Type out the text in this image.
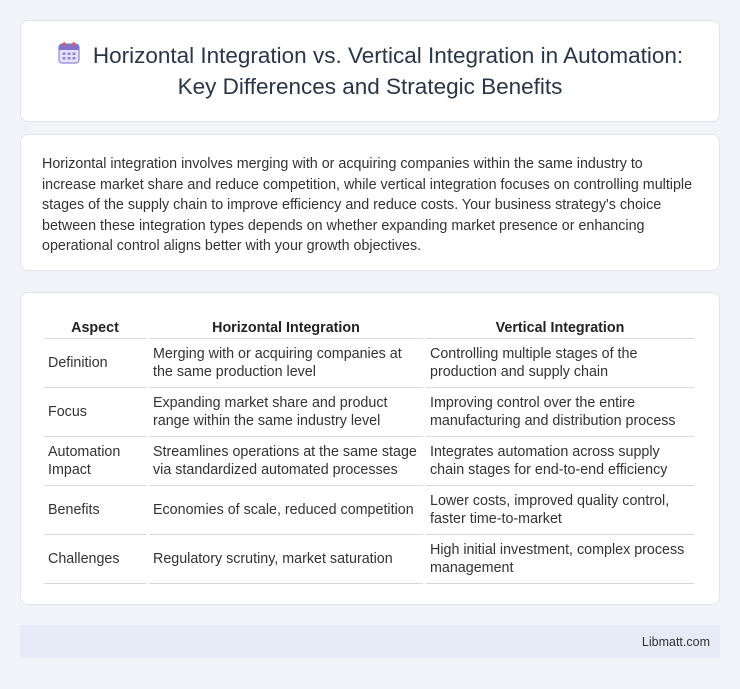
Horizontal Integration vs. Vertical Integration in Automation: Key Differences and Strategic Benefits

Horizontal integration involves merging with or acquiring companies within the same industry to increase market share and reduce competition, while vertical integration focuses on controlling multiple stages of the supply chain to improve efficiency and reduce costs. Your business strategy's choice between these integration types depends on whether expanding market presence or enhancing operational control aligns better with your growth objectives.

Aspect	Horizontal Integration	Vertical Integration
Definition	Merging with or acquiring companies at the same production level	Controlling multiple stages of the production and supply chain
Focus	Expanding market share and product range within the same industry level	Improving control over the entire manufacturing and distribution process
Automation Impact	Streamlines operations at the same stage via standardized automated processes	Integrates automation across supply chain stages for end-to-end efficiency
Benefits	Economies of scale, reduced competition	Lower costs, improved quality control, faster time-to-market
Challenges	Regulatory scrutiny, market saturation	High initial investment, complex process management
Libmatt.com
